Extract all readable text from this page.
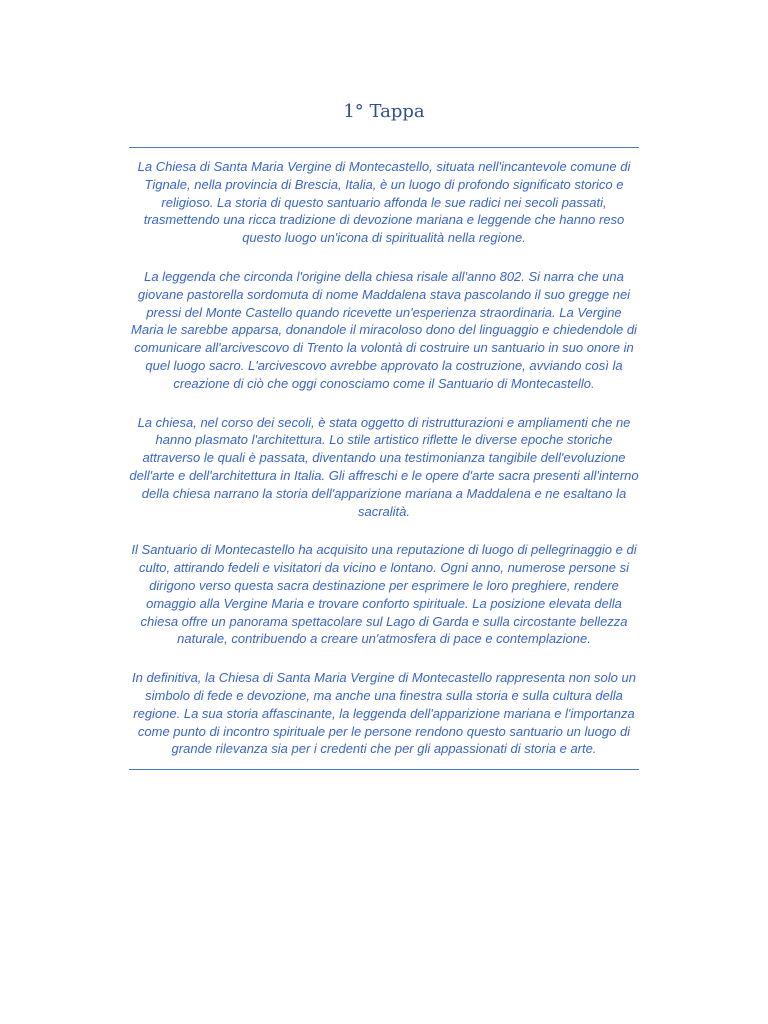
1° Tappa

La Chiesa di Santa Maria Vergine di Montecastello, situata nell'incantevole comune di Tignale, nella provincia di Brescia, Italia, è un luogo di profondo significato storico e religioso. La storia di questo santuario affonda le sue radici nei secoli passati, trasmettendo una ricca tradizione di devozione mariana e leggende che hanno reso questo luogo un'icona di spiritualità nella regione.

La leggenda che circonda l'origine della chiesa risale all'anno 802. Si narra che una giovane pastorella sordomuta di nome Maddalena stava pascolando il suo gregge nei pressi del Monte Castello quando ricevette un'esperienza straordinaria. La Vergine Maria le sarebbe apparsa, donandole il miracoloso dono del linguaggio e chiedendole di comunicare all'arcivescovo di Trento la volontà di costruire un santuario in suo onore in quel luogo sacro. L'arcivescovo avrebbe approvato la costruzione, avviando così la creazione di ciò che oggi conosciamo come il Santuario di Montecastello.

La chiesa, nel corso dei secoli, è stata oggetto di ristrutturazioni e ampliamenti che ne hanno plasmato l'architettura. Lo stile artistico riflette le diverse epoche storiche attraverso le quali è passata, diventando una testimonianza tangibile dell'evoluzione dell'arte e dell'architettura in Italia. Gli affreschi e le opere d'arte sacra presenti all'interno della chiesa narrano la storia dell'apparizione mariana a Maddalena e ne esaltano la sacralità.

Il Santuario di Montecastello ha acquisito una reputazione di luogo di pellegrinaggio e di culto, attirando fedeli e visitatori da vicino e lontano. Ogni anno, numerose persone si dirigono verso questa sacra destinazione per esprimere le loro preghiere, rendere omaggio alla Vergine Maria e trovare conforto spirituale. La posizione elevata della chiesa offre un panorama spettacolare sul Lago di Garda e sulla circostante bellezza naturale, contribuendo a creare un'atmosfera di pace e contemplazione.

In definitiva, la Chiesa di Santa Maria Vergine di Montecastello rappresenta non solo un simbolo di fede e devozione, ma anche una finestra sulla storia e sulla cultura della regione. La sua storia affascinante, la leggenda dell'apparizione mariana e l'importanza come punto di incontro spirituale per le persone rendono questo santuario un luogo di grande rilevanza sia per i credenti che per gli appassionati di storia e arte.
